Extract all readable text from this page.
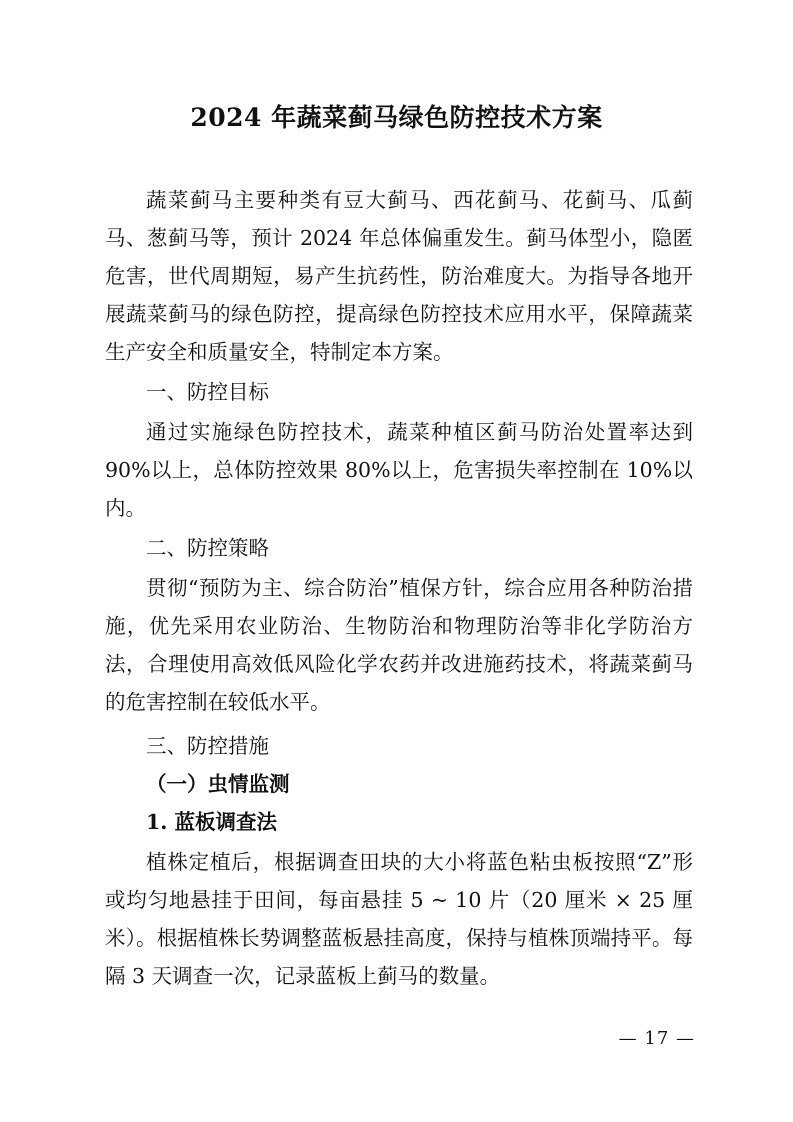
2024 年蔬菜蓟马绿色防控技术方案

蔬菜蓟马主要种类有豆大蓟马、西花蓟马、花蓟马、瓜蓟马、葱蓟马等，预计 2024 年总体偏重发生。蓟马体型小，隐匿危害，世代周期短，易产生抗药性，防治难度大。为指导各地开展蔬菜蓟马的绿色防控，提高绿色防控技术应用水平，保障蔬菜生产安全和质量安全，特制定本方案。

一、防控目标

通过实施绿色防控技术，蔬菜种植区蓟马防治处置率达到 90%以上，总体防控效果 80%以上，危害损失率控制在 10%以内。

二、防控策略

贯彻“预防为主、综合防治”植保方针，综合应用各种防治措施，优先采用农业防治、生物防治和物理防治等非化学防治方法，合理使用高效低风险化学农药并改进施药技术，将蔬菜蓟马的危害控制在较低水平。

三、防控措施

（一）虫情监测

1. 蓝板调查法

植株定植后，根据调查田块的大小将蓝色粘虫板按照“Z”形或均匀地悬挂于田间，每亩悬挂 5 ~ 10 片（20 厘米 × 25 厘米）。根据植株长势调整蓝板悬挂高度，保持与植株顶端持平。每隔 3 天调查一次，记录蓝板上蓟马的数量。

— 17 —
